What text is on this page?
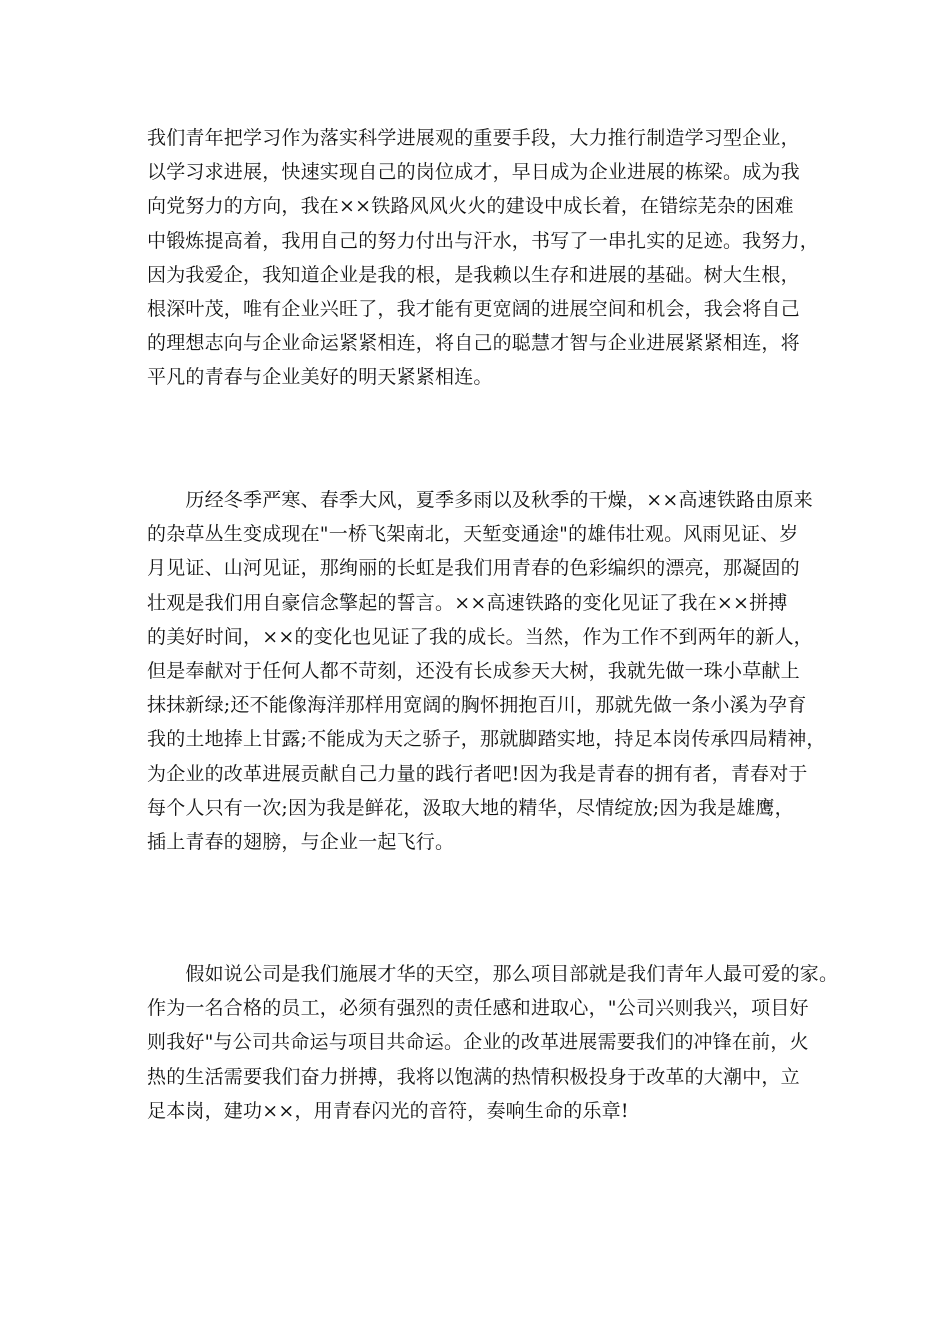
我们青年把学习作为落实科学进展观的重要手段，大力推行制造学习型企业，
以学习求进展，快速实现自己的岗位成才，早日成为企业进展的栋梁。成为我
向党努力的方向，我在××铁路风风火火的建设中成长着，在错综芜杂的困难
中锻炼提高着，我用自己的努力付出与汗水，书写了一串扎实的足迹。我努力，
因为我爱企，我知道企业是我的根，是我赖以生存和进展的基础。树大生根，
根深叶茂，唯有企业兴旺了，我才能有更宽阔的进展空间和机会，我会将自己
的理想志向与企业命运紧紧相连，将自己的聪慧才智与企业进展紧紧相连，将
平凡的青春与企业美好的明天紧紧相连。
　　历经冬季严寒、春季大风，夏季多雨以及秋季的干燥，××高速铁路由原来
的杂草丛生变成现在"一桥飞架南北，天堑变通途"的雄伟壮观。风雨见证、岁
月见证、山河见证，那绚丽的长虹是我们用青春的色彩编织的漂亮，那凝固的
壮观是我们用自豪信念擎起的誓言。××高速铁路的变化见证了我在××拼搏
的美好时间，××的变化也见证了我的成长。当然，作为工作不到两年的新人，
但是奉献对于任何人都不苛刻，还没有长成参天大树，我就先做一珠小草献上
抹抹新绿;还不能像海洋那样用宽阔的胸怀拥抱百川，那就先做一条小溪为孕育
我的土地捧上甘露;不能成为天之骄子，那就脚踏实地，持足本岗传承四局精神，
为企业的改革进展贡献自己力量的践行者吧!因为我是青春的拥有者，青春对于
每个人只有一次;因为我是鲜花，汲取大地的精华，尽情绽放;因为我是雄鹰，
插上青春的翅膀，与企业一起飞行。
　　假如说公司是我们施展才华的天空，那么项目部就是我们青年人最可爱的家。
作为一名合格的员工，必须有强烈的责任感和进取心，"公司兴则我兴，项目好
则我好"与公司共命运与项目共命运。企业的改革进展需要我们的冲锋在前，火
热的生活需要我们奋力拼搏，我将以饱满的热情积极投身于改革的大潮中，立
足本岗，建功××，用青春闪光的音符，奏响生命的乐章!
